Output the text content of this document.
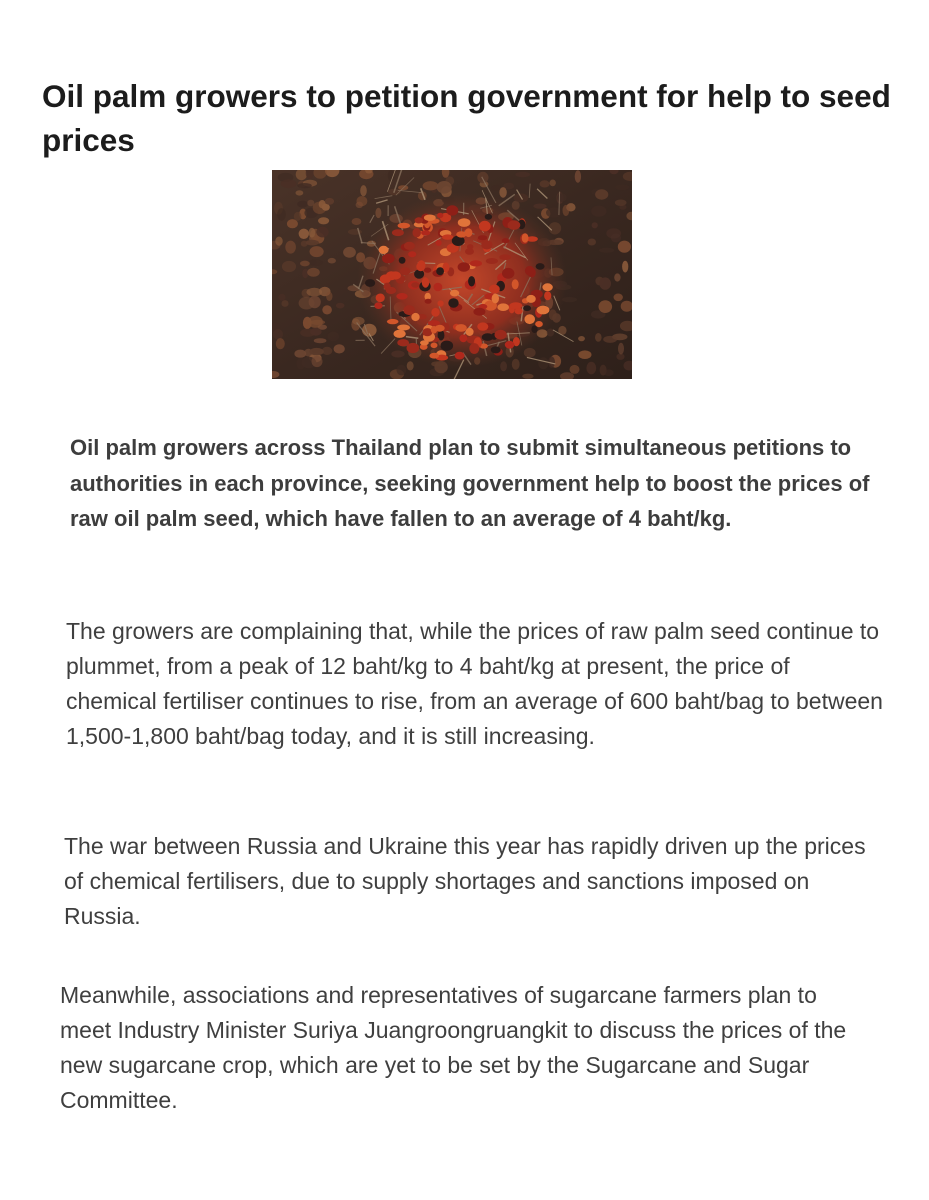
Oil palm growers to petition government for help to seed prices

Oil palm growers across Thailand plan to submit simultaneous petitions to authorities in each province, seeking government help to boost the prices of raw oil palm seed, which have fallen to an average of 4 baht/kg.

The growers are complaining that, while the prices of raw palm seed continue to plummet, from a peak of 12 baht/kg to 4 baht/kg at present, the price of chemical fertiliser continues to rise, from an average of 600 baht/bag to between 1,500-1,800 baht/bag today, and it is still increasing.

The war between Russia and Ukraine this year has rapidly driven up the prices of chemical fertilisers, due to supply shortages and sanctions imposed on Russia.

Meanwhile, associations and representatives of sugarcane farmers plan to meet Industry Minister Suriya Juangroongruangkit to discuss the prices of the new sugarcane crop, which are yet to be set by the Sugarcane and Sugar Committee.
